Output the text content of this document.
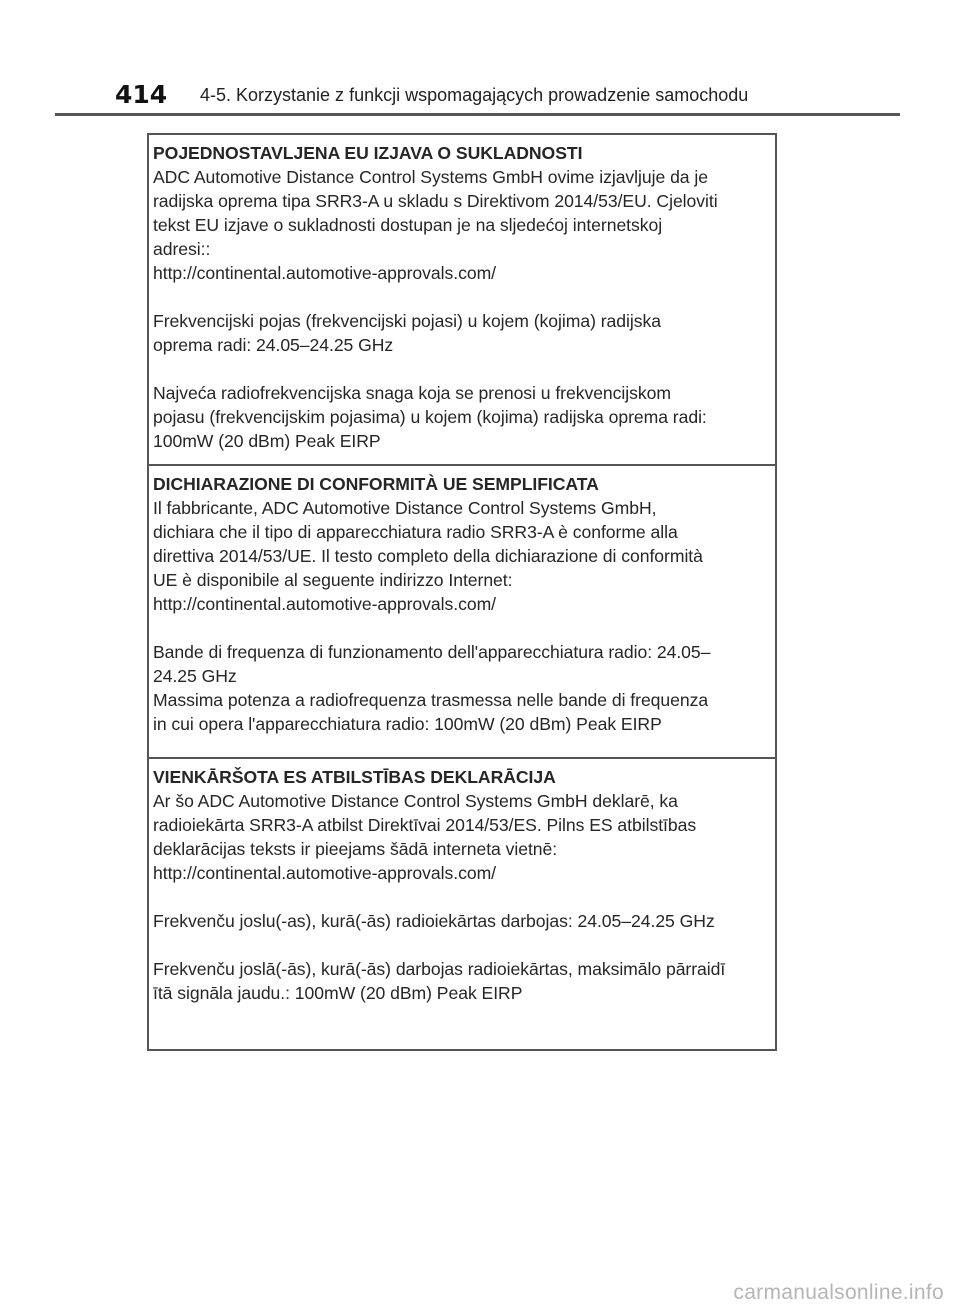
414 4-5. Korzystanie z funkcji wspomagających prowadzenie samochodu

POJEDNOSTAVLJENA EU IZJAVA O SUKLADNOSTI

ADC Automotive Distance Control Systems GmbH ovime izjavljuje da je
radijska oprema tipa SRR3-A u skladu s Direktivom 2014/53/EU. Cjeloviti
tekst EU izjave o sukladnosti dostupan je na sljedećoj internetskoj
adresi::
http://continental.automotive-approvals.com/
Frekvencijski pojas (frekvencijski pojasi) u kojem (kojima) radijska
oprema radi: 24.05–24.25 GHz
Najveća radiofrekvencijska snaga koja se prenosi u frekvencijskom
pojasu (frekvencijskim pojasima) u kojem (kojima) radijska oprema radi:
100mW (20 dBm) Peak EIRP

DICHIARAZIONE DI CONFORMITÀ UE SEMPLIFICATA

Il fabbricante, ADC Automotive Distance Control Systems GmbH,
dichiara che il tipo di apparecchiatura radio SRR3-A è conforme alla
direttiva 2014/53/UE. Il testo completo della dichiarazione di conformità
UE è disponibile al seguente indirizzo Internet:
http://continental.automotive-approvals.com/
Bande di frequenza di funzionamento dell'apparecchiatura radio: 24.05–
24.25 GHz
Massima potenza a radiofrequenza trasmessa nelle bande di frequenza
in cui opera l'apparecchiatura radio: 100mW (20 dBm) Peak EIRP

VIENKĀRŠOTA ES ATBILSTĪBAS DEKLARĀCIJA

Ar šo ADC Automotive Distance Control Systems GmbH deklarē, ka
radioiekārta SRR3-A atbilst Direktīvai 2014/53/ES. Pilns ES atbilstības
deklarācijas teksts ir pieejams šādā interneta vietnē:
http://continental.automotive-approvals.com/
Frekvenču joslu(-as), kurā(-ās) radioiekārtas darbojas: 24.05–24.25 GHz
Frekvenču joslā(-ās), kurā(-ās) darbojas radioiekārtas, maksimālo pārraidī
ītā signāla jaudu.: 100mW (20 dBm) Peak EIRP
carmanualsonline.info
